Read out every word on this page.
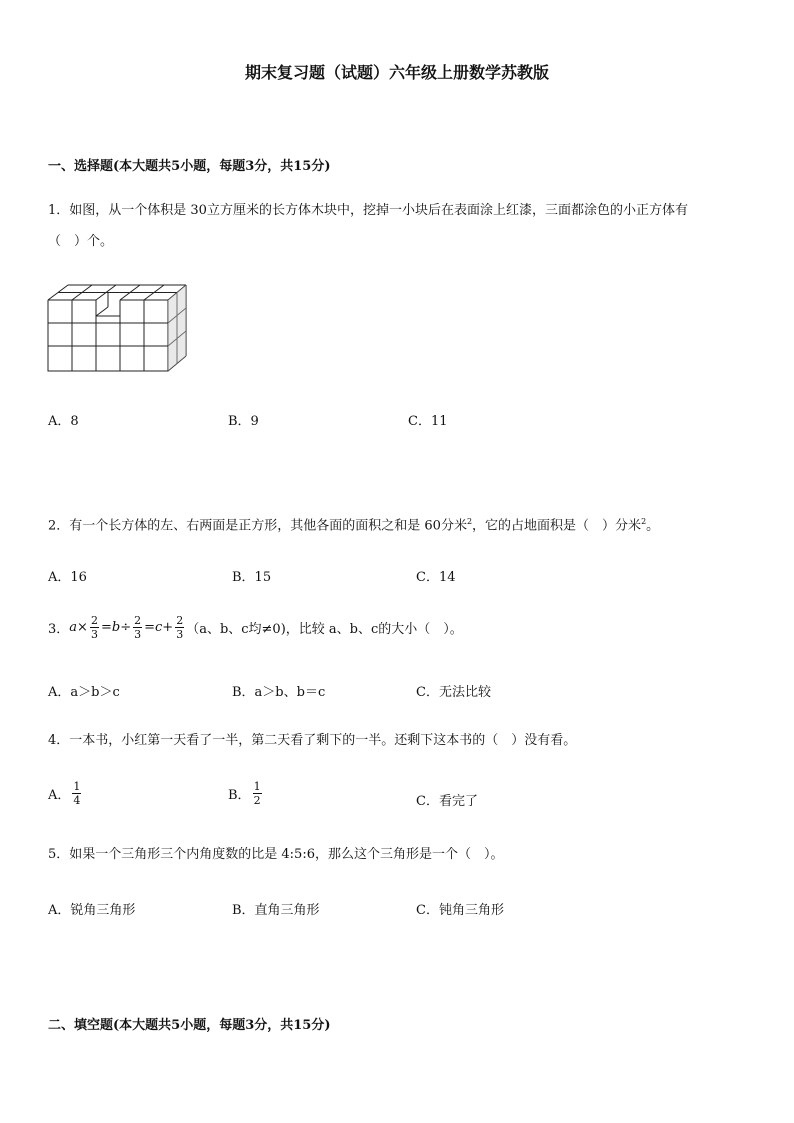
期末复习题（试题）六年级上册数学苏教版
一、选择题(本大题共5小题，每题3分，共15分)
1．如图，从一个体积是 30立方厘米的长方体木块中，挖掉一小块后在表面涂上红漆，三面都涂色的小正方体有
（　）个。
A．8	B．9	C．11
2．有一个长方体的左、右两面是正方形，其他各面的面积之和是 60分米$^2$，它的占地面积是（　）分米$^2$。
A．16	B．15	C．14
3．$a\times \frac{2}{3} =b\div \frac{2}{3} =c+ \frac{2}{3} (a$、b、c均≠0)，比较 a、b、c的大小（　）。
A．a＞b＞c	B．a＞b、b＝c	C．无法比较
4．一本书，小红第一天看了一半，第二天看了剩下的一半。还剩下这本书的（　）没有看。
A． $\frac{1}{4}$	B． $\frac{1}{2}$	C．看完了
5．如果一个三角形三个内角度数的比是 4:5:6，那么这个三角形是一个（　）。
A．锐角三角形	B．直角三角形	C．钝角三角形
二、填空题(本大题共5小题，每题3分，共15分)
